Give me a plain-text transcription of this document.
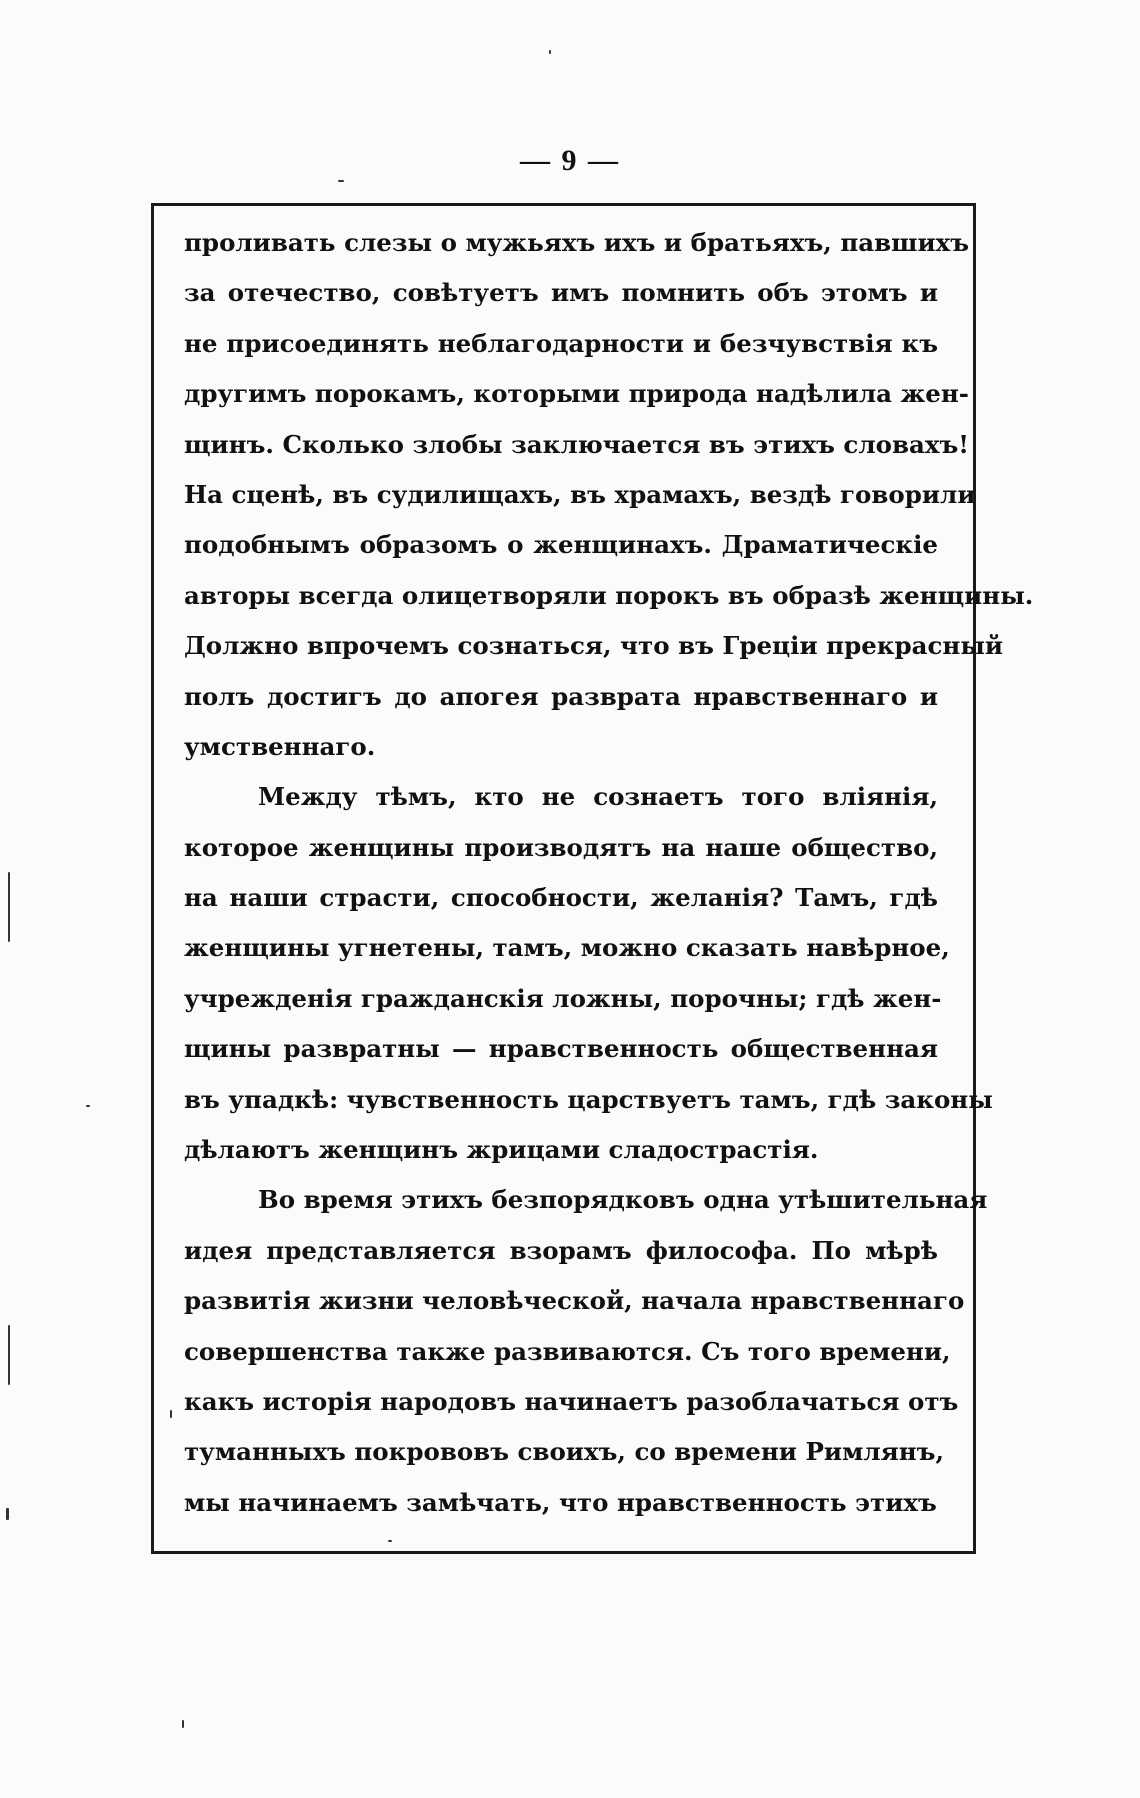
— 9 —
проливать слезы о мужьяхъ ихъ и братьяхъ, павшихъ
за отечество, совѣтуетъ имъ помнить объ этомъ и
не присоединять неблагодарности и безчувствія къ
другимъ порокамъ, которыми природа надѣлила жен-
щинъ. Сколько злобы заключается въ этихъ словахъ!
На сценѣ, въ судилищахъ, въ храмахъ, вездѣ говорили
подобнымъ образомъ о женщинахъ. Драматическіе
авторы всегда олицетворяли порокъ въ образѣ женщины.
Должно впрочемъ сознаться, что въ Греціи прекрасный
полъ достигъ до апогея разврата нравственнаго и
умственнаго.
Между тѣмъ, кто не сознаетъ того вліянія,
которое женщины производятъ на наше общество,
на наши страсти, способности, желанія? Тамъ, гдѣ
женщины угнетены, тамъ, можно сказать навѣрное,
учрежденія гражданскія ложны, порочны; гдѣ жен-
щины развратны — нравственность общественная
въ упадкѣ: чувственность царствуетъ тамъ, гдѣ законы
дѣлаютъ женщинъ жрицами сладострастія.
Во время этихъ безпорядковъ одна утѣшительная
идея представляется взорамъ философа. По мѣрѣ
развитія жизни человѣческой, начала нравственнаго
совершенства также развиваются. Съ того времени,
какъ исторія народовъ начинаетъ разоблачаться отъ
туманныхъ покрововъ своихъ, со времени Римлянъ,
мы начинаемъ замѣчать, что нравственность этихъ
